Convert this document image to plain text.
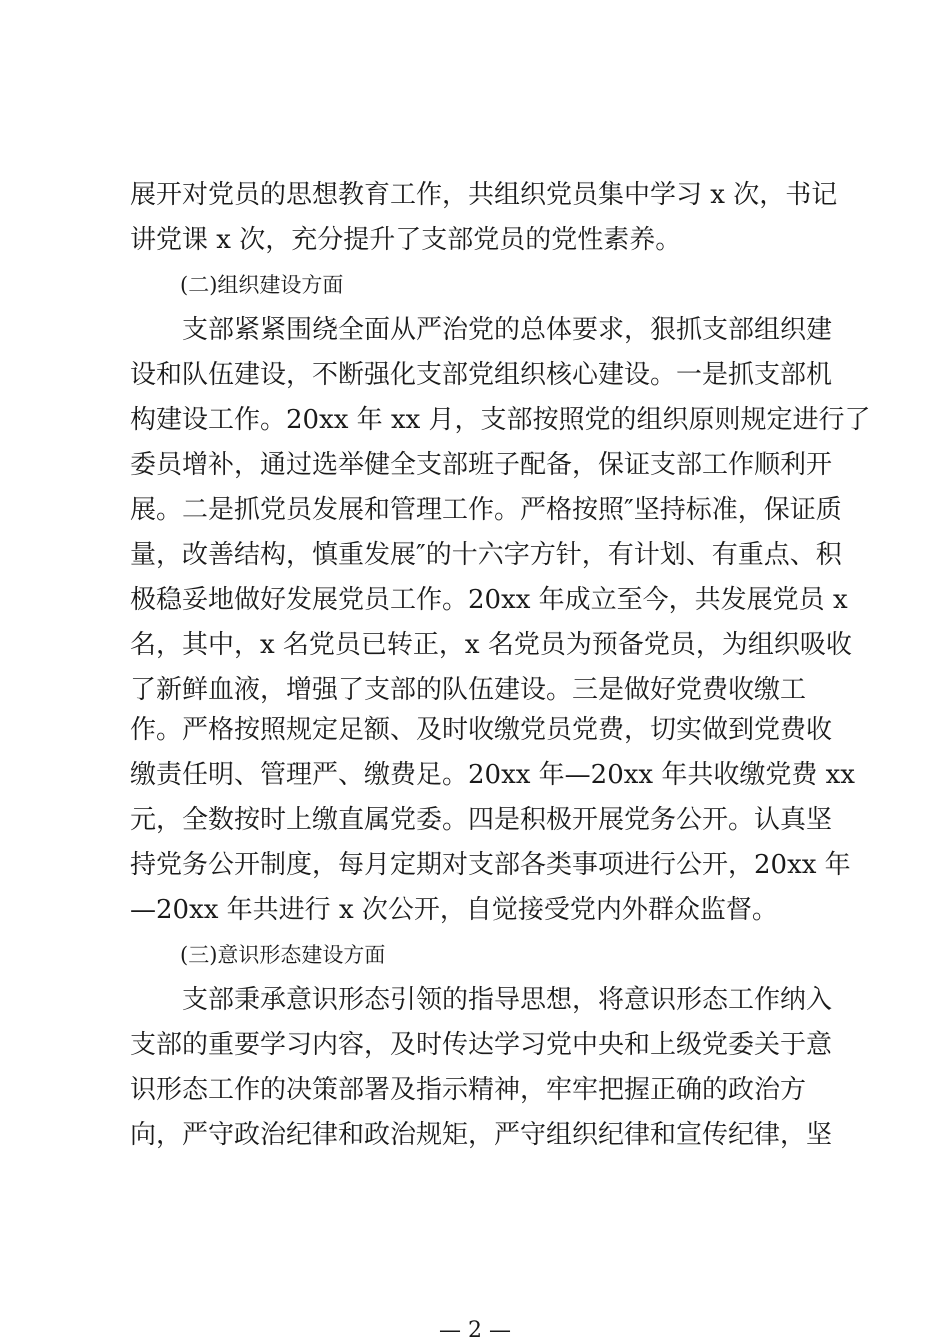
展开对党员的思想教育工作，共组织党员集中学习 x 次，书记
讲党课 x 次，充分提升了支部党员的党性素养。
(二)组织建设方面
支部紧紧围绕全面从严治党的总体要求，狠抓支部组织建
设和队伍建设，不断强化支部党组织核心建设。一是抓支部机
构建设工作。20xx 年 xx 月，支部按照党的组织原则规定进行了
委员增补，通过选举健全支部班子配备，保证支部工作顺利开
展。二是抓党员发展和管理工作。严格按照″坚持标准，保证质
量，改善结构，慎重发展″的十六字方针，有计划、有重点、积
极稳妥地做好发展党员工作。20xx 年成立至今，共发展党员 x
名，其中，x 名党员已转正，x 名党员为预备党员，为组织吸收
了新鲜血液，增强了支部的队伍建设。三是做好党费收缴工
作。严格按照规定足额、及时收缴党员党费，切实做到党费收
缴责任明、管理严、缴费足。20xx 年—20xx 年共收缴党费 xx
元，全数按时上缴直属党委。四是积极开展党务公开。认真坚
持党务公开制度，每月定期对支部各类事项进行公开，20xx 年
—20xx 年共进行 x 次公开，自觉接受党内外群众监督。
(三)意识形态建设方面
支部秉承意识形态引领的指导思想，将意识形态工作纳入
支部的重要学习内容，及时传达学习党中央和上级党委关于意
识形态工作的决策部署及指示精神，牢牢把握正确的政治方
向，严守政治纪律和政治规矩，严守组织纪律和宣传纪律，坚
— 2 —
